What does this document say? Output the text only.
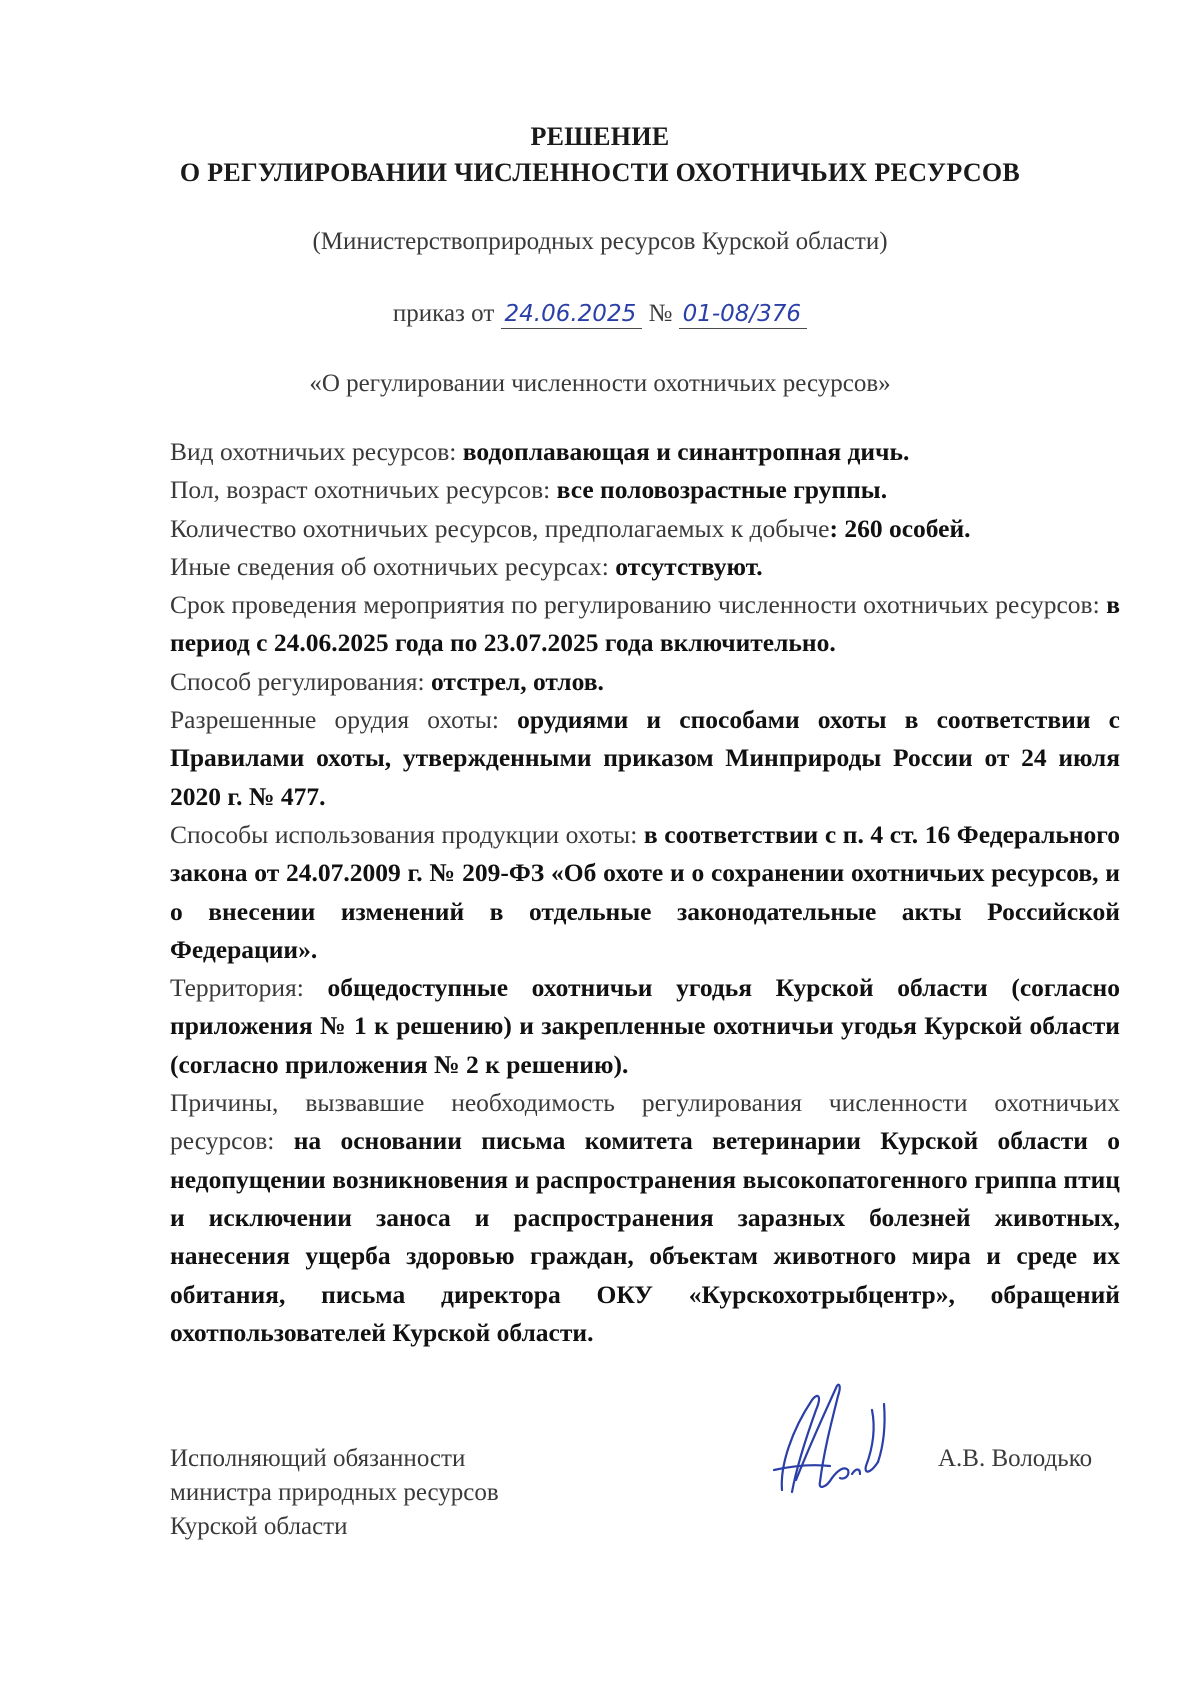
РЕШЕНИЕ
О РЕГУЛИРОВАНИИ ЧИСЛЕННОСТИ ОХОТНИЧЬИХ РЕСУРСОВ
(Министерствоприродных ресурсов Курской области)
приказ от 24.06.2025 № 01-08/376
«О регулировании численности охотничьих ресурсов»

Вид охотничьих ресурсов: водоплавающая и синантропная дичь.

Пол, возраст охотничьих ресурсов: все половозрастные группы.

Количество охотничьих ресурсов, предполагаемых к добыче: 260 особей.

Иные сведения об охотничьих ресурсах: отсутствуют.

Срок проведения мероприятия по регулированию численности охотничьих ресурсов: в период с 24.06.2025 года по 23.07.2025 года включительно.

Способ регулирования: отстрел, отлов.

Разрешенные орудия охоты: орудиями и способами охоты в соответствии с Правилами охоты, утвержденными приказом Минприроды России от 24 июля 2020 г. № 477.

Способы использования продукции охоты: в соответствии с п. 4 ст. 16 Федерального закона от 24.07.2009 г. № 209-ФЗ «Об охоте и о сохранении охотничьих ресурсов, и о внесении изменений в отдельные законодательные акты Российской Федерации».

Территория: общедоступные охотничьи угодья Курской области (согласно приложения № 1 к решению) и закрепленные охотничьи угодья Курской области (согласно приложения № 2 к решению).

Причины, вызвавшие необходимость регулирования численности охотничьих ресурсов: на основании письма комитета ветеринарии Курской области о недопущении возникновения и распространения высокопатогенного гриппа птиц и исключении заноса и распространения заразных болезней животных, нанесения ущерба здоровью граждан, объектам животного мира и среде их обитания, письма директора ОКУ «Курскохотрыбцентр», обращений охотпользователей Курской области.

Исполняющий обязанности
министра природных ресурсов
Курской области
А.В. Володько
